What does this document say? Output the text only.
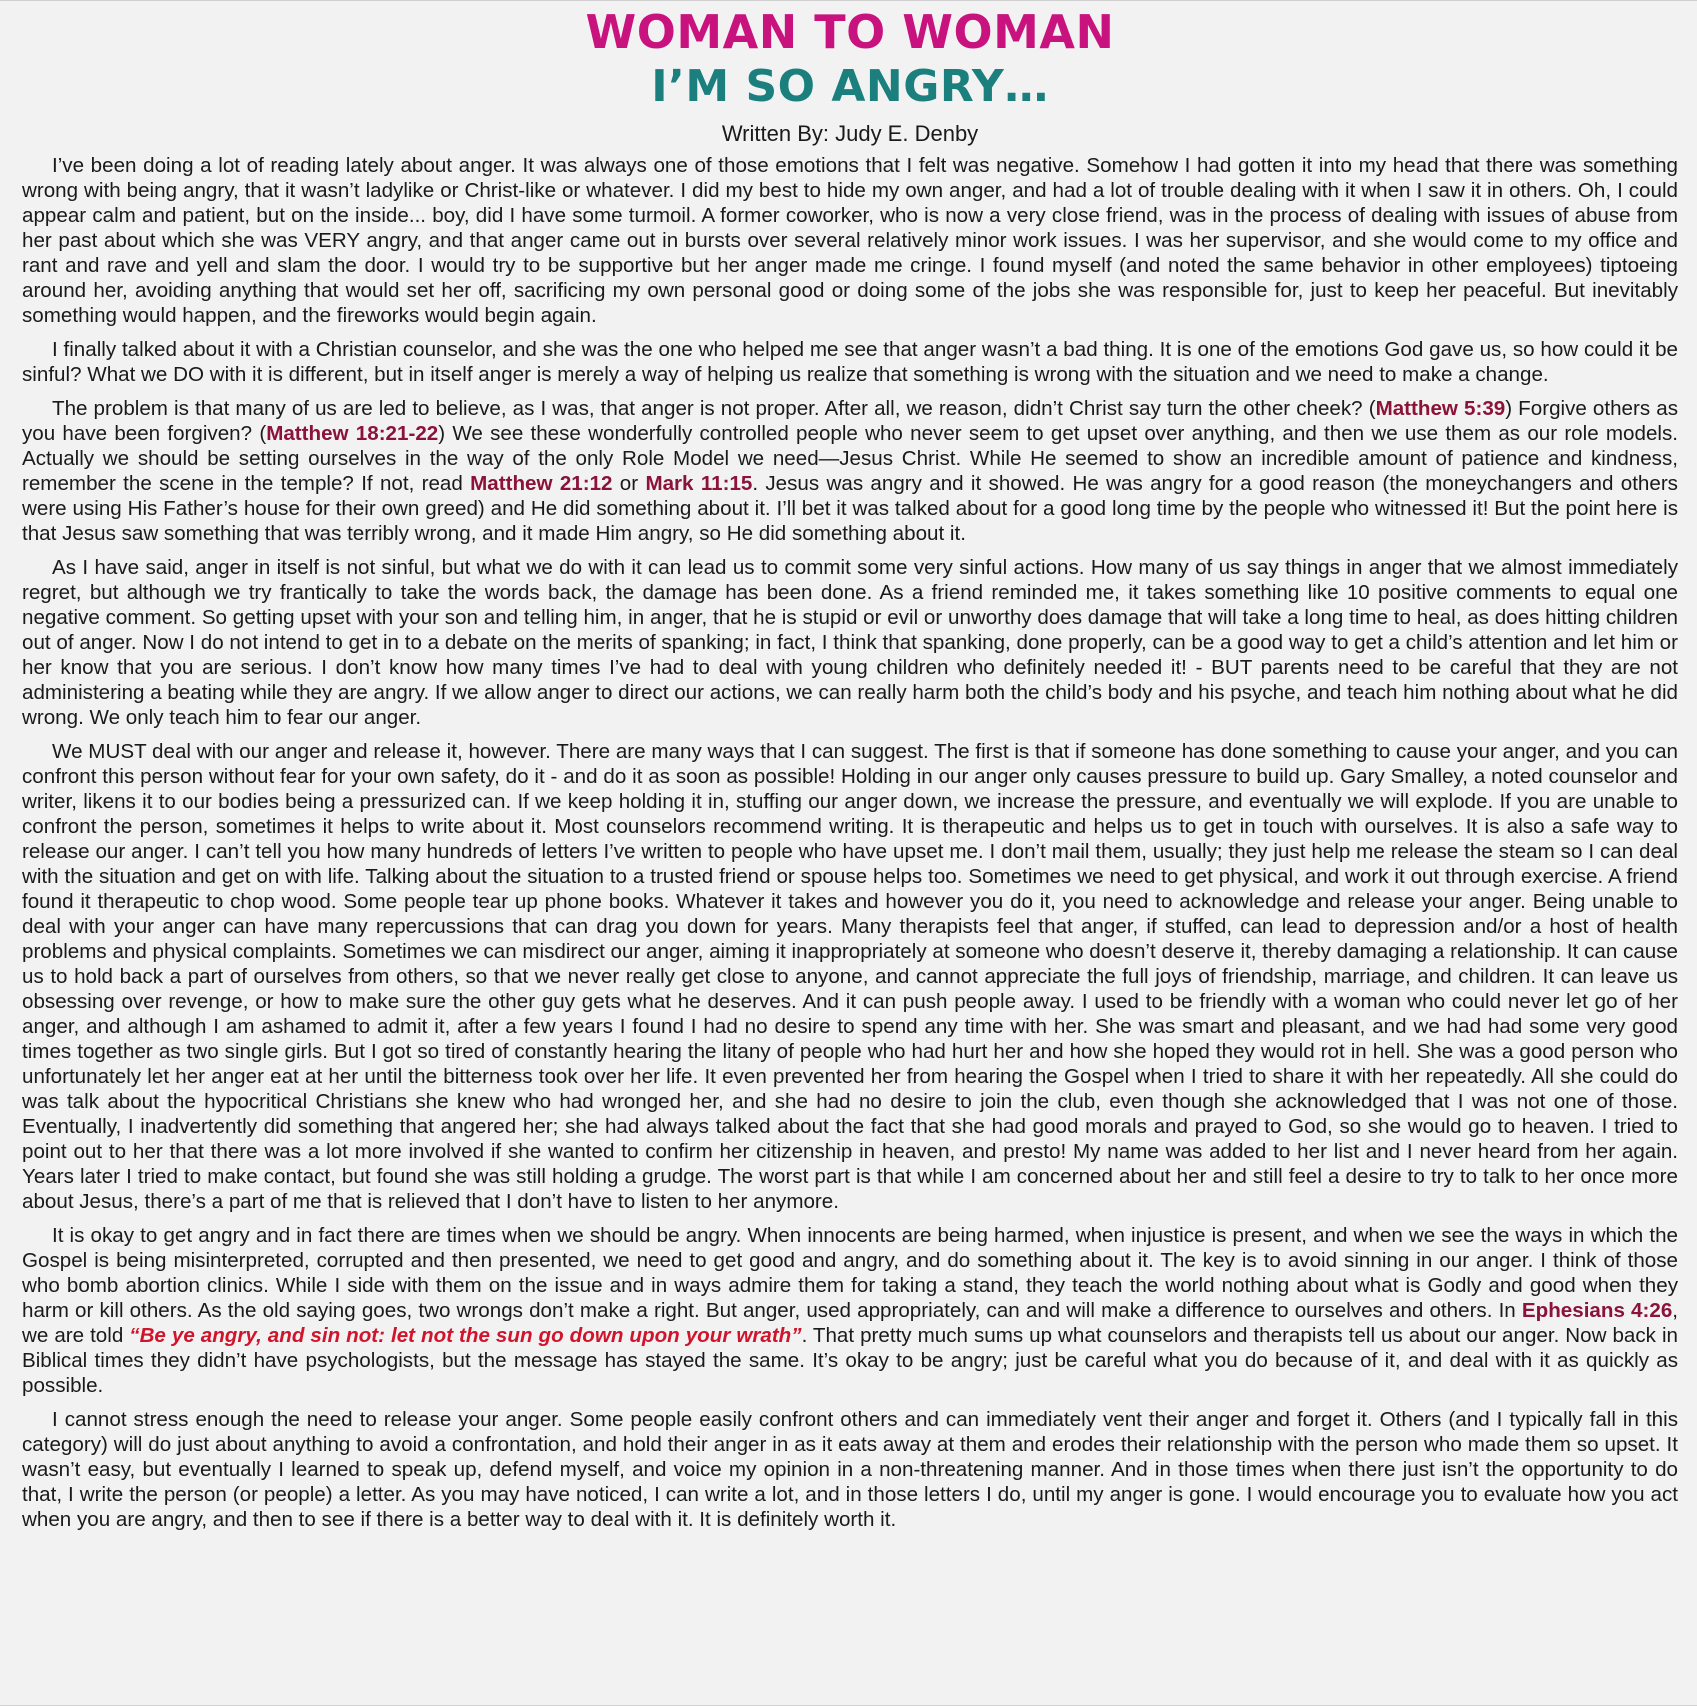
WOMAN TO WOMAN
I’M SO ANGRY…
Written By: Judy E. Denby

I’ve been doing a lot of reading lately about anger. It was always one of those emotions that I felt was negative. Somehow I had gotten it into my head that there was something wrong with being angry, that it wasn’t ladylike or Christ-like or whatever. I did my best to hide my own anger, and had a lot of trouble dealing with it when I saw it in others. Oh, I could appear calm and patient, but on the inside... boy, did I have some turmoil. A former coworker, who is now a very close friend, was in the process of dealing with issues of abuse from her past about which she was VERY angry, and that anger came out in bursts over several relatively minor work issues. I was her supervisor, and she would come to my office and rant and rave and yell and slam the door. I would try to be supportive but her anger made me cringe. I found myself (and noted the same behavior in other employees) tiptoeing around her, avoiding anything that would set her off, sacrificing my own personal good or doing some of the jobs she was responsible for, just to keep her peaceful. But inevitably something would happen, and the fireworks would begin again.

I finally talked about it with a Christian counselor, and she was the one who helped me see that anger wasn’t a bad thing. It is one of the emotions God gave us, so how could it be sinful? What we DO with it is different, but in itself anger is merely a way of helping us realize that something is wrong with the situation and we need to make a change.

The problem is that many of us are led to believe, as I was, that anger is not proper. After all, we reason, didn’t Christ say turn the other cheek? (Matthew 5:39) Forgive others as you have been forgiven? (Matthew 18:21-22) We see these wonderfully controlled people who never seem to get upset over anything, and then we use them as our role models. Actually we should be setting ourselves in the way of the only Role Model we need—Jesus Christ. While He seemed to show an incredible amount of patience and kindness, remember the scene in the temple? If not, read Matthew 21:12 or Mark 11:15. Jesus was angry and it showed. He was angry for a good reason (the moneychangers and others were using His Father’s house for their own greed) and He did something about it. I’ll bet it was talked about for a good long time by the people who witnessed it! But the point here is that Jesus saw something that was terribly wrong, and it made Him angry, so He did something about it.

As I have said, anger in itself is not sinful, but what we do with it can lead us to commit some very sinful actions. How many of us say things in anger that we almost immediately regret, but although we try frantically to take the words back, the damage has been done. As a friend reminded me, it takes something like 10 positive comments to equal one negative comment. So getting upset with your son and telling him, in anger, that he is stupid or evil or unworthy does damage that will take a long time to heal, as does hitting children out of anger. Now I do not intend to get in to a debate on the merits of spanking; in fact, I think that spanking, done properly, can be a good way to get a child’s attention and let him or her know that you are serious. I don’t know how many times I’ve had to deal with young children who definitely needed it! - BUT parents need to be careful that they are not administering a beating while they are angry. If we allow anger to direct our actions, we can really harm both the child’s body and his psyche, and teach him nothing about what he did wrong. We only teach him to fear our anger.

We MUST deal with our anger and release it, however. There are many ways that I can suggest. The first is that if someone has done something to cause your anger, and you can confront this person without fear for your own safety, do it - and do it as soon as possible! Holding in our anger only causes pressure to build up. Gary Smalley, a noted counselor and writer, likens it to our bodies being a pressurized can. If we keep holding it in, stuffing our anger down, we increase the pressure, and eventually we will explode. If you are unable to confront the person, sometimes it helps to write about it. Most counselors recommend writing. It is therapeutic and helps us to get in touch with ourselves. It is also a safe way to release our anger. I can’t tell you how many hundreds of letters I’ve written to people who have upset me. I don’t mail them, usually; they just help me release the steam so I can deal with the situation and get on with life. Talking about the situation to a trusted friend or spouse helps too. Sometimes we need to get physical, and work it out through exercise. A friend found it therapeutic to chop wood. Some people tear up phone books. Whatever it takes and however you do it, you need to acknowledge and release your anger. Being unable to deal with your anger can have many repercussions that can drag you down for years. Many therapists feel that anger, if stuffed, can lead to depression and/or a host of health problems and physical complaints. Sometimes we can misdirect our anger, aiming it inappropriately at someone who doesn’t deserve it, thereby damaging a relationship. It can cause us to hold back a part of ourselves from others, so that we never really get close to anyone, and cannot appreciate the full joys of friendship, marriage, and children. It can leave us obsessing over revenge, or how to make sure the other guy gets what he deserves. And it can push people away. I used to be friendly with a woman who could never let go of her anger, and although I am ashamed to admit it, after a few years I found I had no desire to spend any time with her. She was smart and pleasant, and we had had some very good times together as two single girls. But I got so tired of constantly hearing the litany of people who had hurt her and how she hoped they would rot in hell. She was a good person who unfortunately let her anger eat at her until the bitterness took over her life. It even prevented her from hearing the Gospel when I tried to share it with her repeatedly. All she could do was talk about the hypocritical Christians she knew who had wronged her, and she had no desire to join the club, even though she acknowledged that I was not one of those. Eventually, I inadvertently did something that angered her; she had always talked about the fact that she had good morals and prayed to God, so she would go to heaven. I tried to point out to her that there was a lot more involved if she wanted to confirm her citizenship in heaven, and presto! My name was added to her list and I never heard from her again. Years later I tried to make contact, but found she was still holding a grudge. The worst part is that while I am concerned about her and still feel a desire to try to talk to her once more about Jesus, there’s a part of me that is relieved that I don’t have to listen to her anymore.

It is okay to get angry and in fact there are times when we should be angry. When innocents are being harmed, when injustice is present, and when we see the ways in which the Gospel is being misinterpreted, corrupted and then presented, we need to get good and angry, and do something about it. The key is to avoid sinning in our anger. I think of those who bomb abortion clinics. While I side with them on the issue and in ways admire them for taking a stand, they teach the world nothing about what is Godly and good when they harm or kill others. As the old saying goes, two wrongs don’t make a right. But anger, used appropriately, can and will make a difference to ourselves and others. In Ephesians 4:26, we are told “Be ye angry, and sin not: let not the sun go down upon your wrath”. That pretty much sums up what counselors and therapists tell us about our anger. Now back in Biblical times they didn’t have psychologists, but the message has stayed the same. It’s okay to be angry; just be careful what you do because of it, and deal with it as quickly as possible.

I cannot stress enough the need to release your anger. Some people easily confront others and can immediately vent their anger and forget it. Others (and I typically fall in this category) will do just about anything to avoid a confrontation, and hold their anger in as it eats away at them and erodes their relationship with the person who made them so upset. It wasn’t easy, but eventually I learned to speak up, defend myself, and voice my opinion in a non-threatening manner. And in those times when there just isn’t the opportunity to do that, I write the person (or people) a letter. As you may have noticed, I can write a lot, and in those letters I do, until my anger is gone. I would encourage you to evaluate how you act when you are angry, and then to see if there is a better way to deal with it. It is definitely worth it.
